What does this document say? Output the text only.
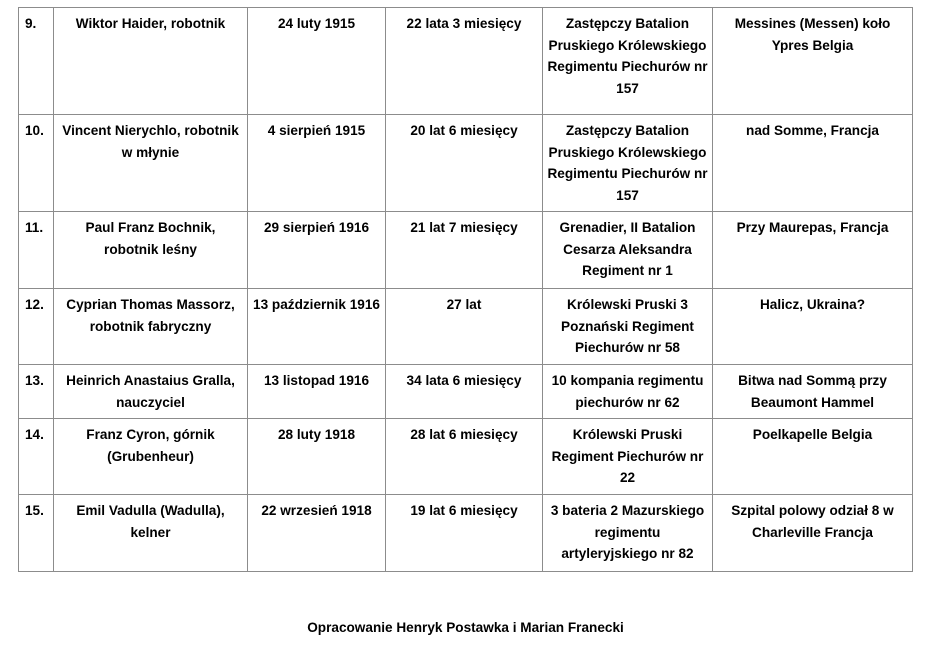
9.	Wiktor Haider, robotnik	24 luty 1915	22 lata 3 miesięcy	Zastępczy Batalion Pruskiego Królewskiego Regimentu Piechurów nr 157	Messines (Messen) koło Ypres Belgia
10.	Vincent Nierychlo, robotnik w młynie	4 sierpień 1915	20 lat 6 miesięcy	Zastępczy Batalion Pruskiego Królewskiego Regimentu Piechurów nr 157	nad Somme, Francja
11.	Paul Franz Bochnik, robotnik leśny	29 sierpień 1916	21 lat 7 miesięcy	Grenadier, II Batalion Cesarza Aleksandra Regiment nr 1	Przy Maurepas, Francja
12.	Cyprian Thomas Massorz, robotnik fabryczny	13 październik 1916	27 lat	Królewski Pruski 3 Poznański Regiment Piechurów nr 58	Halicz, Ukraina?
13.	Heinrich Anastaius Gralla, nauczyciel	13 listopad 1916	34 lata 6 miesięcy	10 kompania regimentu piechurów nr 62	Bitwa nad Sommą przy Beaumont Hammel
14.	Franz Cyron, górnik (Grubenheur)	28 luty 1918	28 lat 6 miesięcy	Królewski Pruski Regiment Piechurów nr 22	Poelkapelle Belgia
15.	Emil Vadulla (Wadulla), kelner	22 wrzesień 1918	19 lat 6 miesięcy	3 bateria 2 Mazurskiego regimentu artyleryjskiego nr 82	Szpital polowy odział 8 w Charleville Francja
Opracowanie Henryk Postawka i Marian Franecki
